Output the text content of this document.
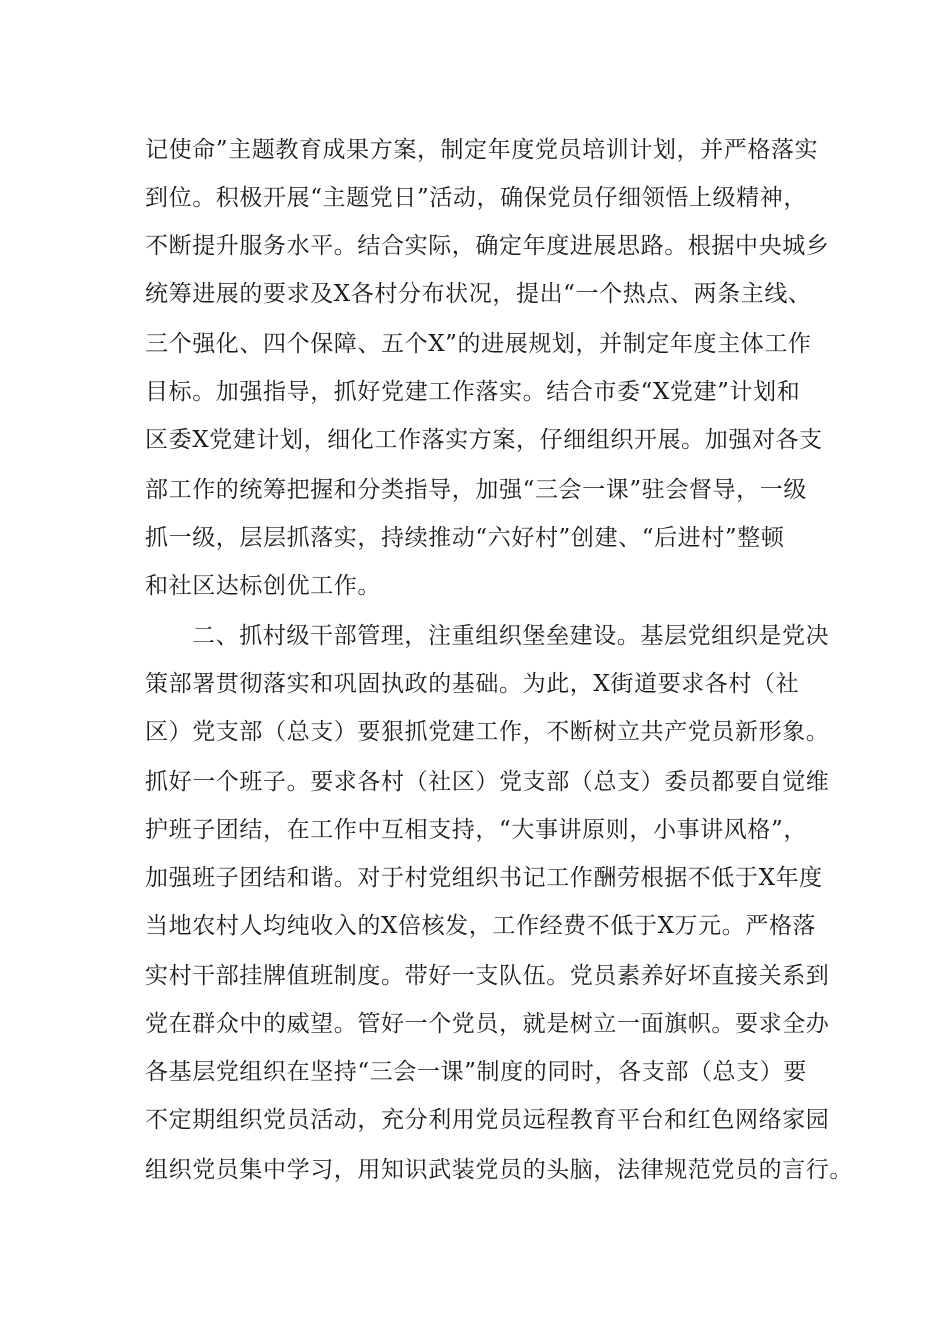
记使命”主题教育成果方案，制定年度党员培训计划，并严格落实
到位。积极开展“主题党日”活动，确保党员仔细领悟上级精神，
不断提升服务水平。结合实际，确定年度进展思路。根据中央城乡
统筹进展的要求及X各村分布状况，提出“一个热点、两条主线、
三个强化、四个保障、五个X”的进展规划，并制定年度主体工作
目标。加强指导，抓好党建工作落实。结合市委“X党建”计划和
区委X党建计划，细化工作落实方案，仔细组织开展。加强对各支
部工作的统筹把握和分类指导，加强“三会一课”驻会督导，一级
抓一级，层层抓落实，持续推动“六好村”创建、“后进村”整顿
和社区达标创优工作。
二、抓村级干部管理，注重组织堡垒建设。基层党组织是党决
策部署贯彻落实和巩固执政的基础。为此，X街道要求各村（社
区）党支部（总支）要狠抓党建工作，不断树立共产党员新形象。
抓好一个班子。要求各村（社区）党支部（总支）委员都要自觉维
护班子团结，在工作中互相支持，“大事讲原则，小事讲风格”，
加强班子团结和谐。对于村党组织书记工作酬劳根据不低于X年度
当地农村人均纯收入的X倍核发，工作经费不低于X万元。严格落
实村干部挂牌值班制度。带好一支队伍。党员素养好坏直接关系到
党在群众中的威望。管好一个党员，就是树立一面旗帜。要求全办
各基层党组织在坚持“三会一课”制度的同时，各支部（总支）要
不定期组织党员活动，充分利用党员远程教育平台和红色网络家园
组织党员集中学习，用知识武装党员的头脑，法律规范党员的言行。
